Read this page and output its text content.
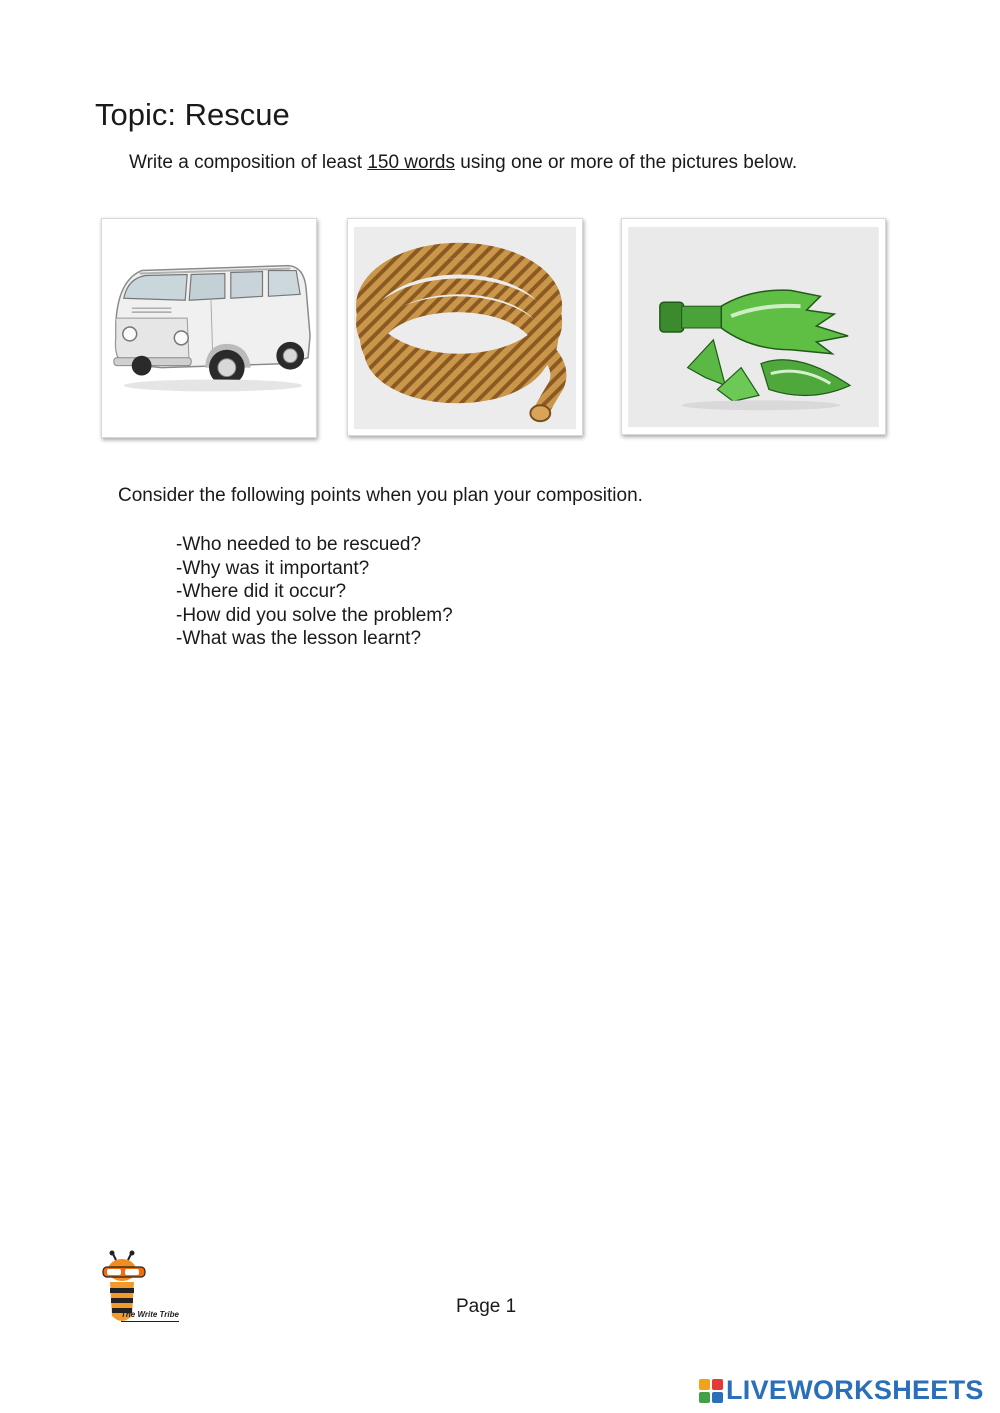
Topic: Rescue
Write a composition of least 150 words using one or more of the pictures below.
Consider the following points when you plan your composition.
-Who needed to be rescued?
-Why was it important?
-Where did it occur?
-How did you solve the problem?
-What was the lesson learnt?
The Write Tribe	Page 1
LIVEWORKSHEETS
